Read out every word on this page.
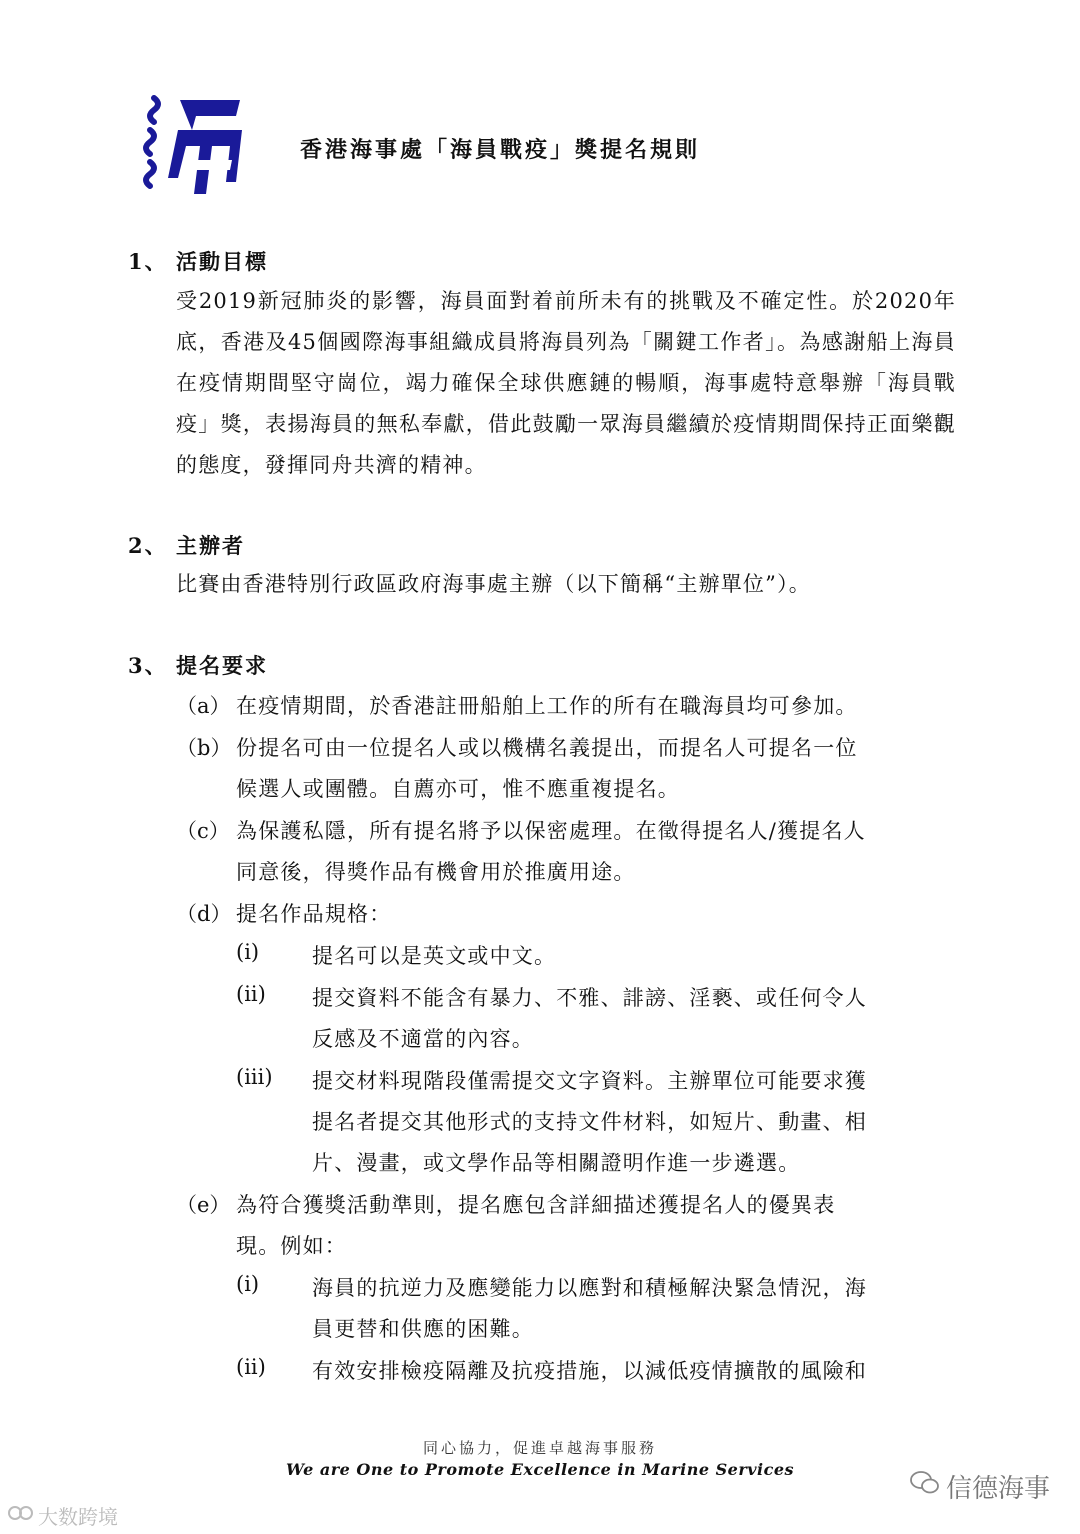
香港海事處「海員戰疫」獎提名規則
1、 活動目標

受2019新冠肺炎的影響，海員面對着前所未有的挑戰及不確定性。於2020年底，香港及45個國際海事組織成員將海員列為「關鍵工作者」。為感謝船上海員在疫情期間堅守崗位，竭力確保全球供應鏈的暢順，海事處特意舉辦「海員戰疫」獎，表揚海員的無私奉獻，借此鼓勵一眾海員繼續於疫情期間保持正面樂觀的態度，發揮同舟共濟的精神。

2、 主辦者

比賽由香港特別行政區政府海事處主辦（以下簡稱“主辦單位”）。

3、 提名要求
（a） 在疫情期間，於香港註冊船舶上工作的所有在職海員均可參加。
（b） 份提名可由一位提名人或以機構名義提出，而提名人可提名一位
候選人或團體。自薦亦可，惟不應重複提名。
（c） 為保護私隱，所有提名將予以保密處理。在徵得提名人/獲提名人
同意後，得獎作品有機會用於推廣用途。
（d） 提名作品規格：
(i)	提名可以是英文或中文。
(ii) 提交資料不能含有暴力、不雅、誹謗、淫褻、或任何令人
反感及不適當的內容。
(iii) 提交材料現階段僅需提交文字資料。主辦單位可能要求獲
提名者提交其他形式的支持文件材料，如短片、動畫、相
片、漫畫，或文學作品等相關證明作進一步遴選。
（e） 為符合獲獎活動準則，提名應包含詳細描述獲提名人的優異表
現。例如：
(i)	海員的抗逆力及應變能力以應對和積極解決緊急情況，海
員更替和供應的困難。
(ii) 有效安排檢疫隔離及抗疫措施，以減低疫情擴散的風險和
同心協力，促進卓越海事服務
We are One to Promote Excellence in Marine Services
信德海事
大数跨境
